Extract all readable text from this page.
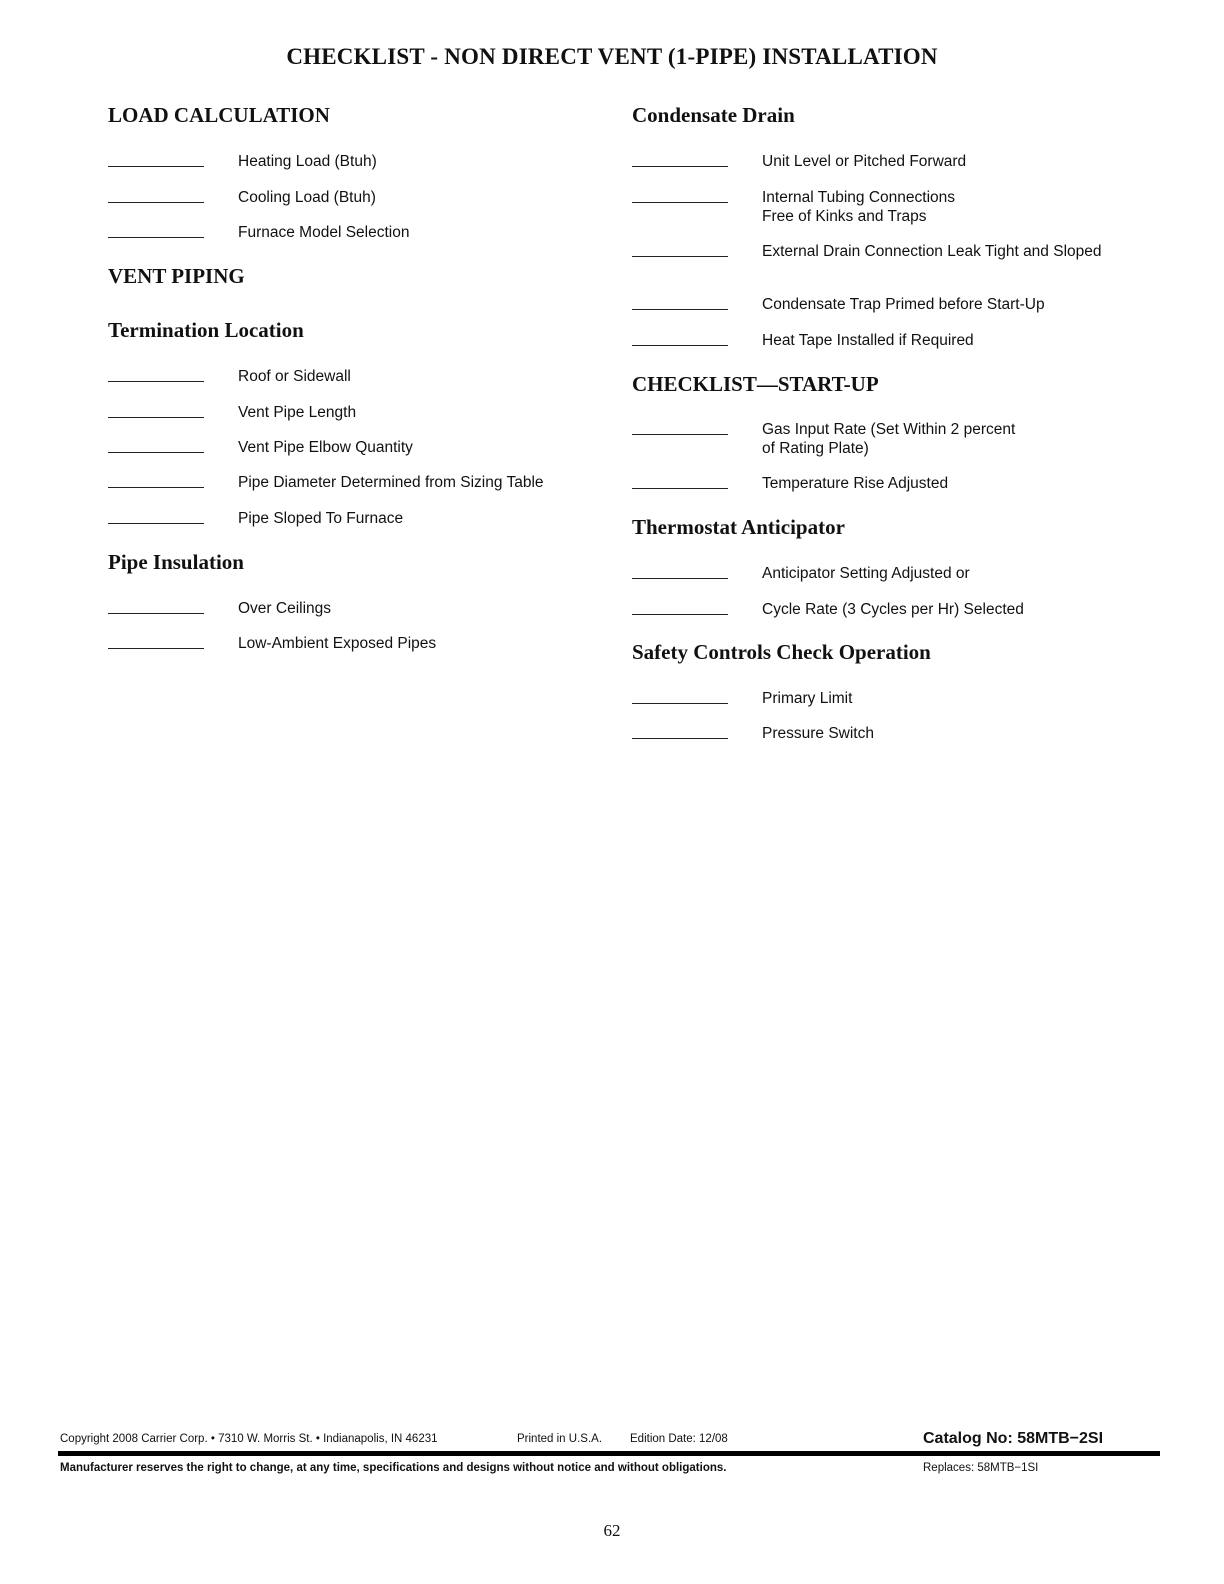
CHECKLIST - NON DIRECT VENT (1-PIPE) INSTALLATION
LOAD CALCULATION
Heating Load (Btuh)
Cooling Load (Btuh)
Furnace Model Selection
VENT PIPING
Termination Location
Roof or Sidewall
Vent Pipe Length
Vent Pipe Elbow Quantity
Pipe Diameter Determined from Sizing Table
Pipe Sloped To Furnace
Pipe Insulation
Over Ceilings
Low-Ambient Exposed Pipes
Condensate Drain
Unit Level or Pitched Forward
Internal Tubing Connections Free of Kinks and Traps
External Drain Connection Leak Tight and Sloped
Condensate Trap Primed before Start-Up
Heat Tape Installed if Required
CHECKLIST—START-UP
Gas Input Rate (Set Within 2 percent of Rating Plate)
Temperature Rise Adjusted
Thermostat Anticipator
Anticipator Setting Adjusted or
Cycle Rate (3 Cycles per Hr) Selected
Safety Controls Check Operation
Primary Limit
Pressure Switch
Copyright 2008 Carrier Corp. • 7310 W. Morris St. • Indianapolis, IN 46231	Printed in U.S.A. Edition Date: 12/08	Catalog No: 58MTB−2SI
Manufacturer reserves the right to change, at any time, specifications and designs without notice and without obligations.	Replaces: 58MTB−1SI
62
